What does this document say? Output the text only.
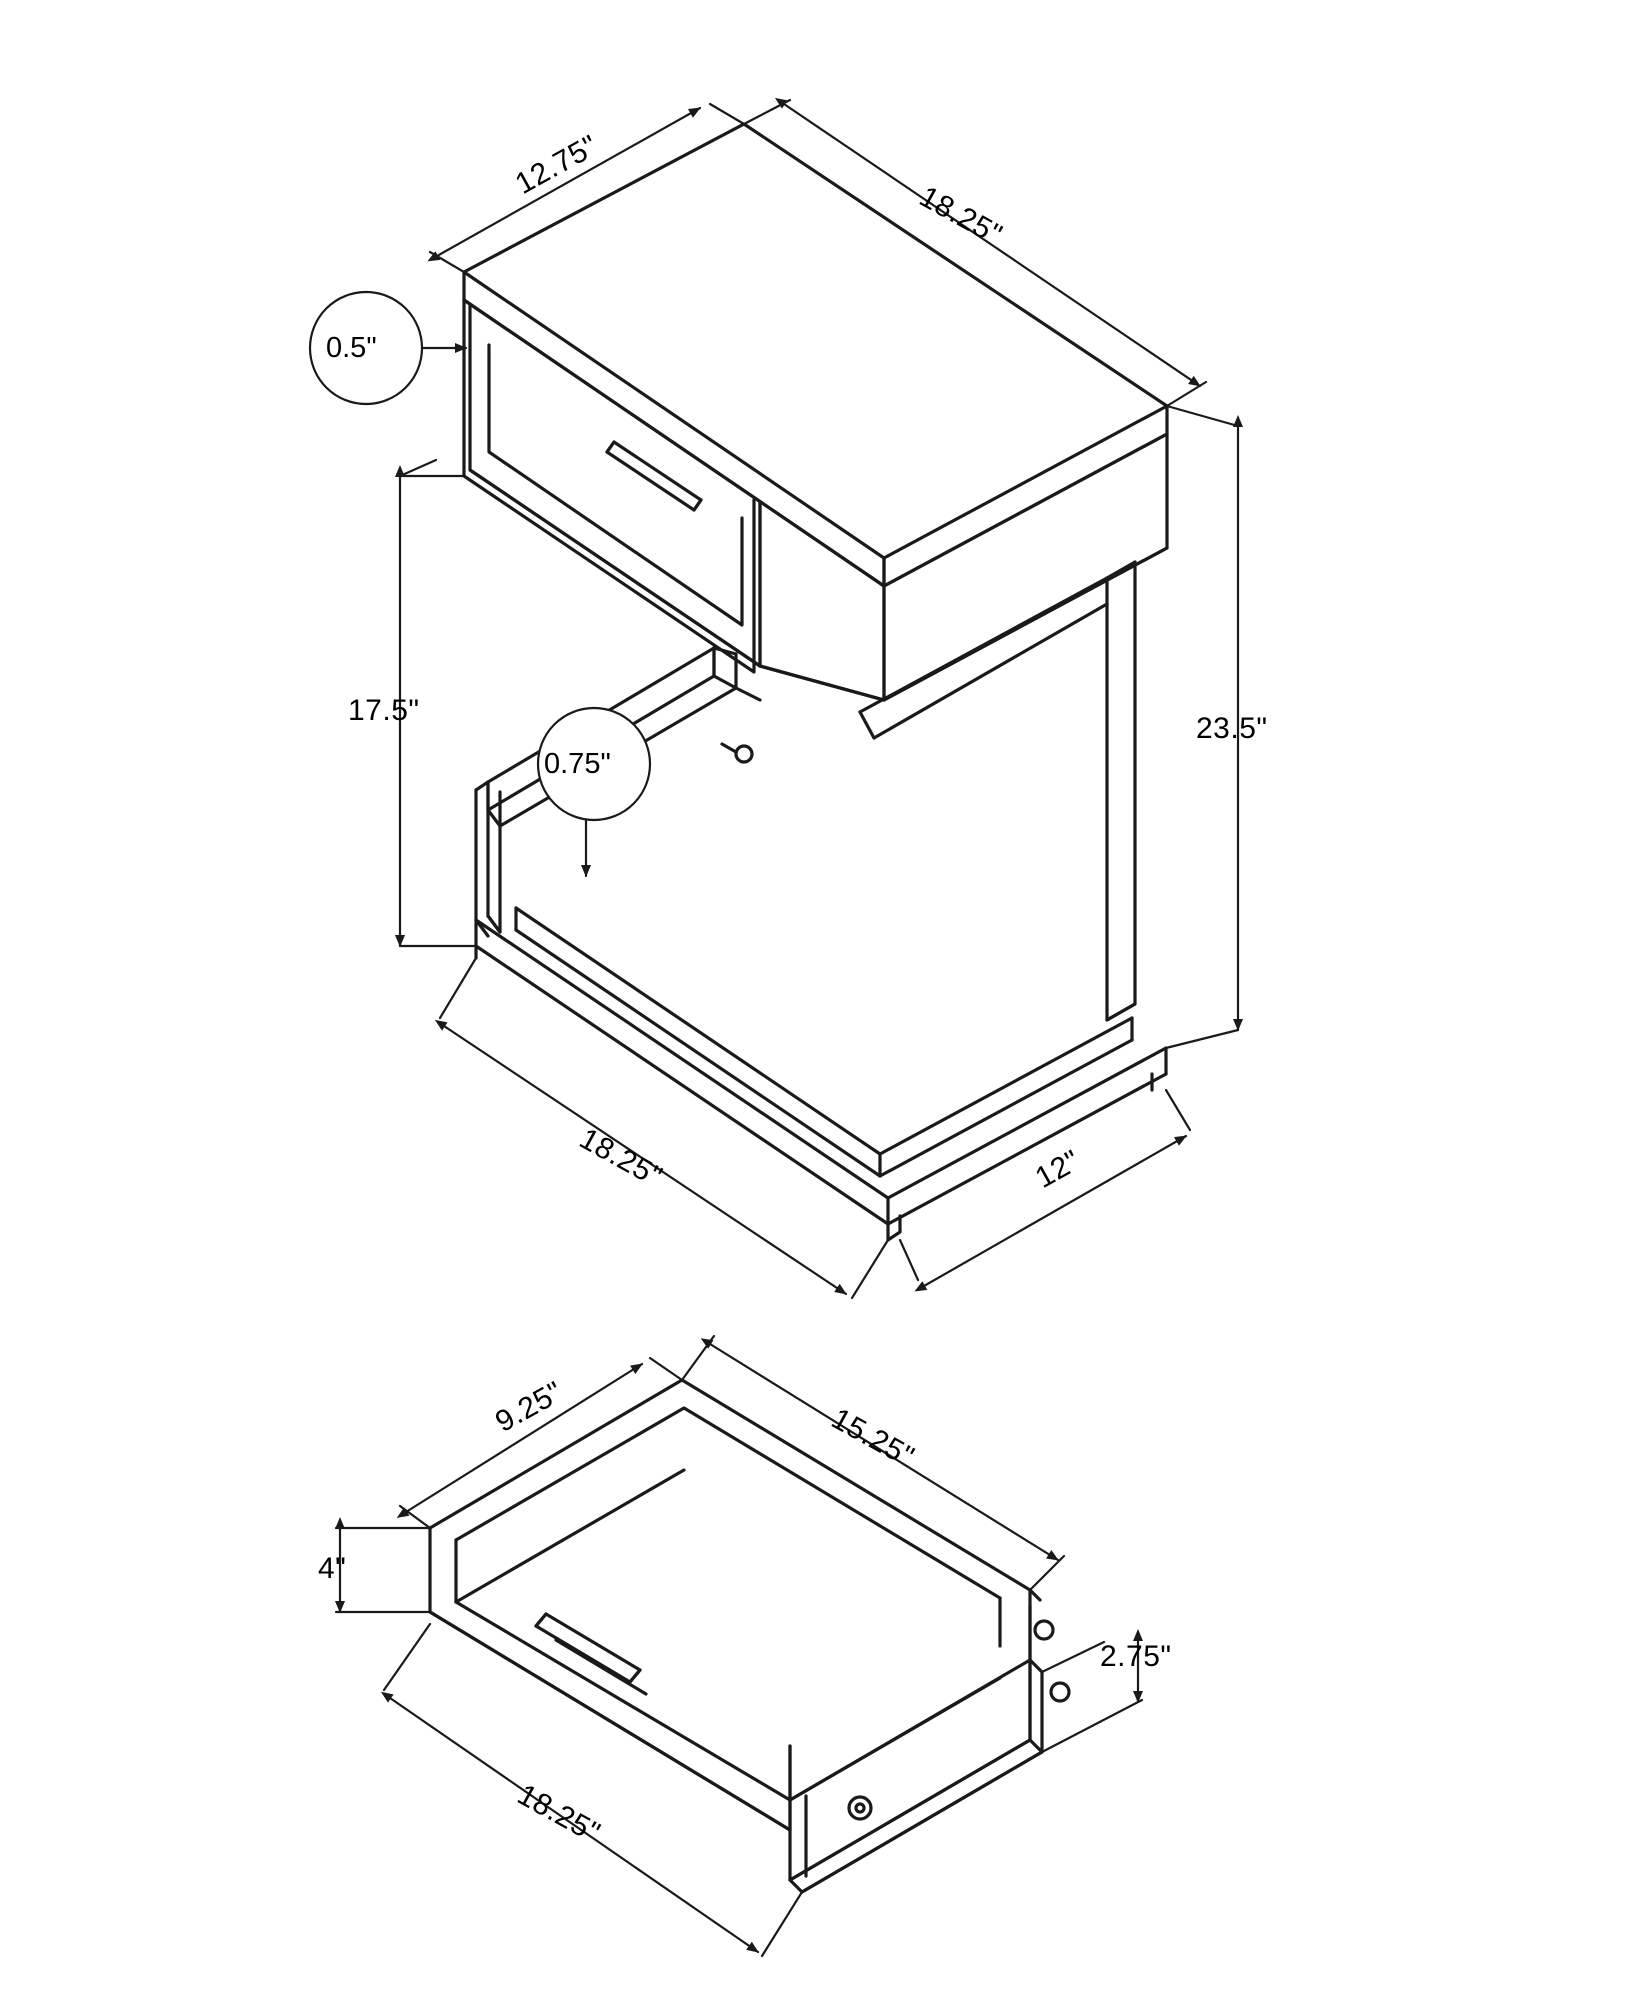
12.75"
18.25"
0.5"
0.75"
17.5"
23.5"
18.25"	12"
9.25"	15.25"
4"
2.75"
18.25"
